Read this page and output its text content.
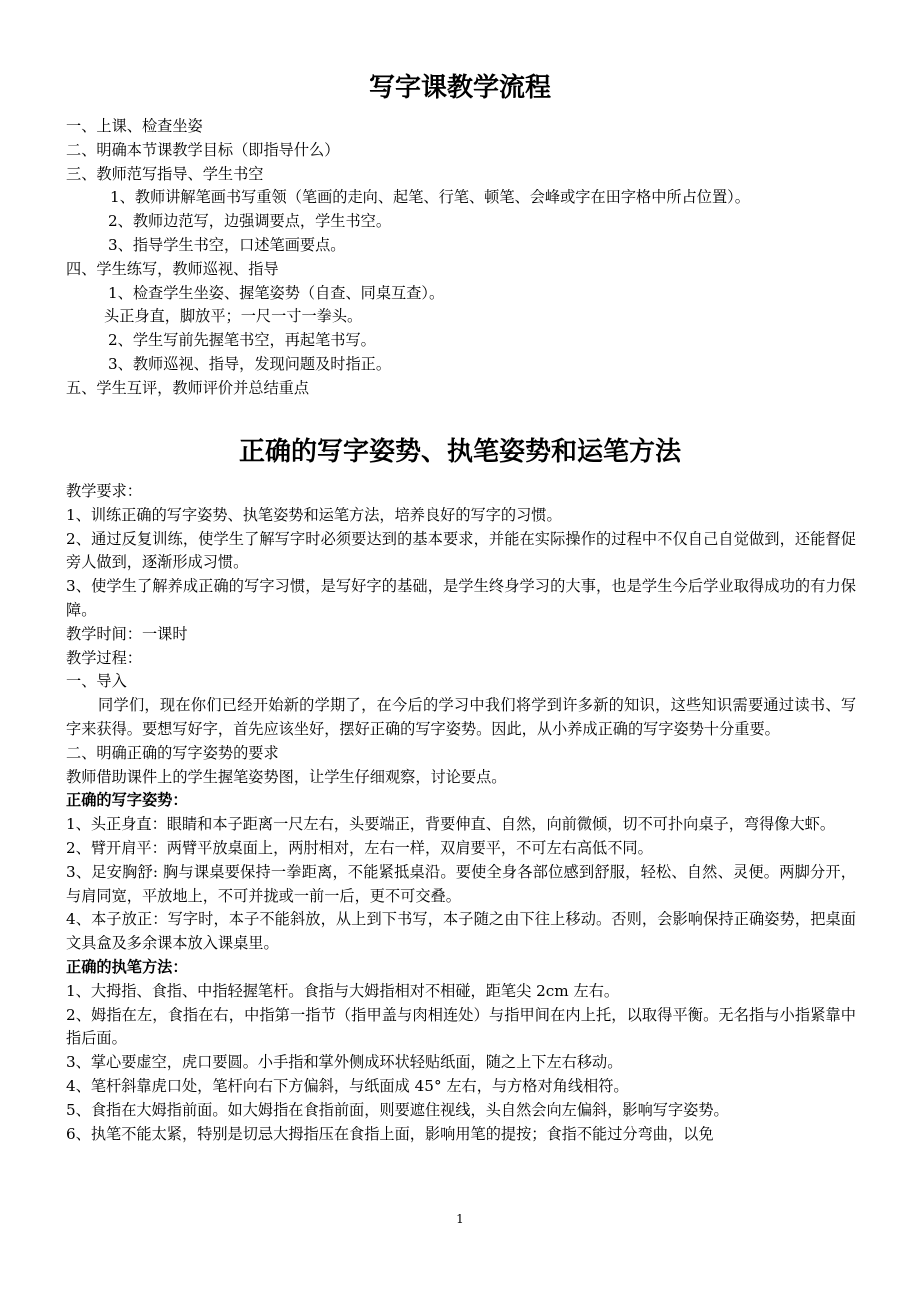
写字课教学流程
一、上课、检查坐姿
二、明确本节课教学目标（即指导什么）
三、教师范写指导、学生书空
1、教师讲解笔画书写重领（笔画的走向、起笔、行笔、顿笔、会峰或字在田字格中所占位置）。
2、教师边范写，边强调要点，学生书空。
3、指导学生书空，口述笔画要点。
四、学生练写，教师巡视、指导
1、检查学生坐姿、握笔姿势（自查、同桌互查）。
头正身直，脚放平；一尺一寸一拳头。
2、学生写前先握笔书空，再起笔书写。
3、教师巡视、指导，发现问题及时指正。
五、学生互评，教师评价并总结重点
正确的写字姿势、执笔姿势和运笔方法
教学要求：
1、训练正确的写字姿势、执笔姿势和运笔方法，培养良好的写字的习惯。
2、通过反复训练，使学生了解写字时必须要达到的基本要求，并能在实际操作的过程中不仅自己自觉做到，还能督促旁人做到，逐渐形成习惯。
3、使学生了解养成正确的写字习惯，是写好字的基础，是学生终身学习的大事，也是学生今后学业取得成功的有力保障。
教学时间：一课时
教学过程：
一、导入
同学们，现在你们已经开始新的学期了，在今后的学习中我们将学到许多新的知识，这些知识需要通过读书、写字来获得。要想写好字，首先应该坐好，摆好正确的写字姿势。因此，从小养成正确的写字姿势十分重要。
二、明确正确的写字姿势的要求
教师借助课件上的学生握笔姿势图，让学生仔细观察，讨论要点。
正确的写字姿势：
1、头正身直：眼睛和本子距离一尺左右，头要端正，背要伸直、自然，向前微倾，切不可扑向桌子，弯得像大虾。
2、臂开肩平：两臂平放桌面上，两肘相对，左右一样，双肩要平，不可左右高低不同。
3、足安胸舒: 胸与课桌要保持一拳距离，不能紧抵桌沿。要使全身各部位感到舒服，轻松、自然、灵便。两脚分开，与肩同宽，平放地上，不可并拢或一前一后，更不可交叠。
4、本子放正：写字时，本子不能斜放，从上到下书写，本子随之由下往上移动。否则，会影响保持正确姿势，把桌面文具盒及多余课本放入课桌里。
正确的执笔方法：
1、大拇指、食指、中指轻握笔杆。食指与大姆指相对不相碰，距笔尖 2cm 左右。
2、姆指在左，食指在右，中指第一指节（指甲盖与肉相连处）与指甲间在内上托，以取得平衡。无名指与小指紧靠中指后面。
3、掌心要虚空，虎口要圆。小手指和掌外侧成环状轻贴纸面，随之上下左右移动。
4、笔杆斜靠虎口处，笔杆向右下方偏斜，与纸面成 45° 左右，与方格对角线相符。
5、食指在大姆指前面。如大姆指在食指前面，则要遮住视线，头自然会向左偏斜，影响写字姿势。
6、执笔不能太紧，特别是切忌大拇指压在食指上面，影响用笔的提按；食指不能过分弯曲，以免
1
